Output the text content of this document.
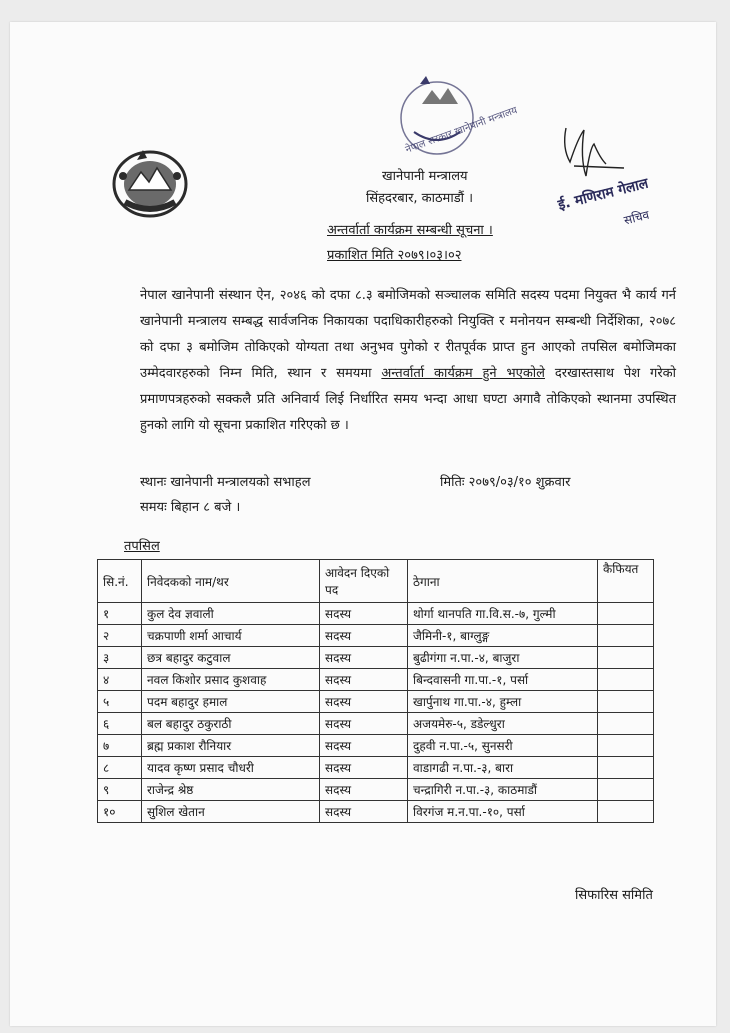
नेपाल सरकार खानेपानी मन्त्रालय
ई. मणिराम गेलाल
सचिव
खानेपानी मन्त्रालय
सिंहदरबार, काठमाडौं ।
अन्तर्वार्ता कार्यक्रम सम्बन्धी सूचना ।
प्रकाशित मिति २०७९।०३।०२
नेपाल खानेपानी संस्थान ऐन, २०४६ को दफा ८.३ बमोजिमको सञ्चालक समिति सदस्य पदमा नियुक्त भै कार्य गर्न खानेपानी मन्त्रालय सम्बद्ध सार्वजनिक निकायका पदाधिकारीहरुको नियुक्ति र मनोनयन सम्बन्धी निर्देशिका, २०७८ को दफा ३ बमोजिम तोकिएको योग्यता तथा अनुभव पुगेको र रीतपूर्वक प्राप्त हुन आएको तपसिल बमोजिमका उम्मेदवारहरुको निम्न मिति, स्थान र समयमा अन्तर्वार्ता कार्यक्रम हुने भएकोले दरखास्तसाथ पेश गरेको प्रमाणपत्रहरुको सक्कलै प्रति अनिवार्य लिई निर्धारित समय भन्दा आधा घण्टा अगावै तोकिएको स्थानमा उपस्थित हुनको लागि यो सूचना प्रकाशित गरिएको छ ।
स्थानः खानेपानी मन्त्रालयको सभाहल	मितिः २०७९/०३/१० शुक्रवार
समयः बिहान ८ बजे ।
तपसिल
सि.नं.	निवेदकको नाम/थर	आवेदन दिएको पद	ठेगाना	कैफियत
१	कुल देव ज्ञवाली	सदस्य	थोर्गा थानपति गा.वि.स.-७, गुल्मी	
२	चक्रपाणी शर्मा आचार्य	सदस्य	जैमिनी-१, बाग्लुङ्ग	
३	छत्र बहादुर कटुवाल	सदस्य	बुढीगंगा न.पा.-४, बाजुरा	
४	नवल किशोर प्रसाद कुशवाह	सदस्य	बिन्दवासनी गा.पा.-१, पर्सा	
५	पदम बहादुर हमाल	सदस्य	खार्पुनाथ गा.पा.-४, हुम्ला	
६	बल बहादुर ठकुराठी	सदस्य	अजयमेरु-५, डडेल्धुरा	
७	ब्रह्म प्रकाश रौनियार	सदस्य	दुहवी न.पा.-५, सुनसरी	
८	यादव कृष्ण प्रसाद चौधरी	सदस्य	वाडागढी न.पा.-३, बारा	
९	राजेन्द्र श्रेष्ठ	सदस्य	चन्द्रागिरी न.पा.-३, काठमाडौं	
१०	सुशिल खेतान	सदस्य	विरगंज म.न.पा.-१०, पर्सा	
सिफारिस समिति
